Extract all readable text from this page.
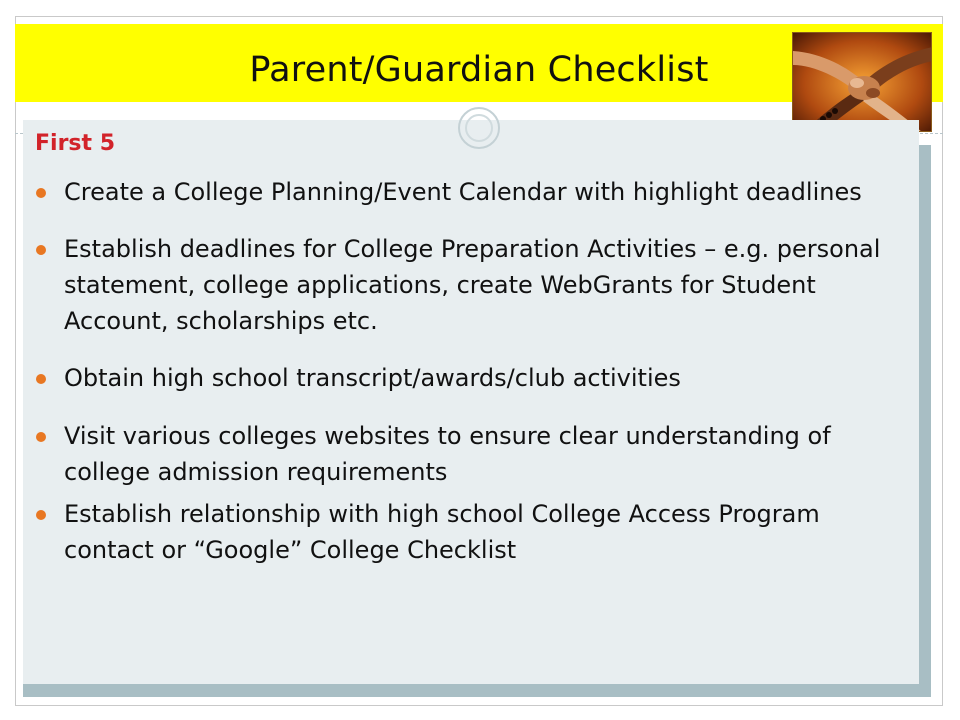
Parent/Guardian Checklist
First 5
Create a College Planning/Event Calendar with highlight deadlines
Establish deadlines for College Preparation Activities – e.g. personal statement, college applications, create WebGrants for Student Account, scholarships etc.
Obtain high school transcript/awards/club activities
Visit various colleges websites to ensure clear understanding of college admission requirements
Establish relationship with high school College Access Program contact or “Google” College Checklist
